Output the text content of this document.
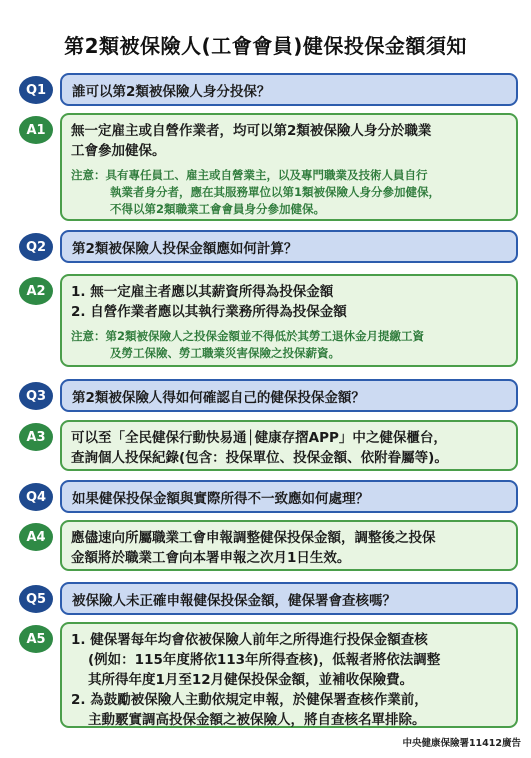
第2類被保險人(工會會員)健保投保金額須知
Q1	誰可以第2類被保險人身分投保？
A1	無一定雇主或自營作業者，均可以第2類被保險人身分於職業
工會參加健保。
注意：具有專任員工、雇主或自營業主，以及專門職業及技術人員自行
執業者身分者，應在其服務單位以第1類被保險人身分參加健保，
不得以第2類職業工會會員身分參加健保。
Q2	第2類被保險人投保金額應如何計算？
A2	1. 無一定雇主者應以其薪資所得為投保金額
2. 自營作業者應以其執行業務所得為投保金額
注意：第2類被保險人之投保金額並不得低於其勞工退休金月提繳工資
及勞工保險、勞工職業災害保險之投保薪資。
Q3	第2類被保險人得如何確認自己的健保投保金額？
A3	可以至「全民健保行動快易通│健康存摺APP」中之健保櫃台，
查詢個人投保紀錄(包含：投保單位、投保金額、依附眷屬等)。
Q4	如果健保投保金額與實際所得不一致應如何處理？
A4	應儘速向所屬職業工會申報調整健保投保金額，調整後之投保
金額將於職業工會向本署申報之次月1日生效。
Q5	被保險人未正確申報健保投保金額，健保署會查核嗎？
A5	1. 健保署每年均會依被保險人前年之所得進行投保金額查核
(例如：115年度將依113年所得查核)，低報者將依法調整
其所得年度1月至12月健保投保金額，並補收保險費。
2. 為鼓勵被保險人主動依規定申報，於健保署查核作業前，
主動覈實調高投保金額之被保險人，將自查核名單排除。
中央健康保險署11412廣告
